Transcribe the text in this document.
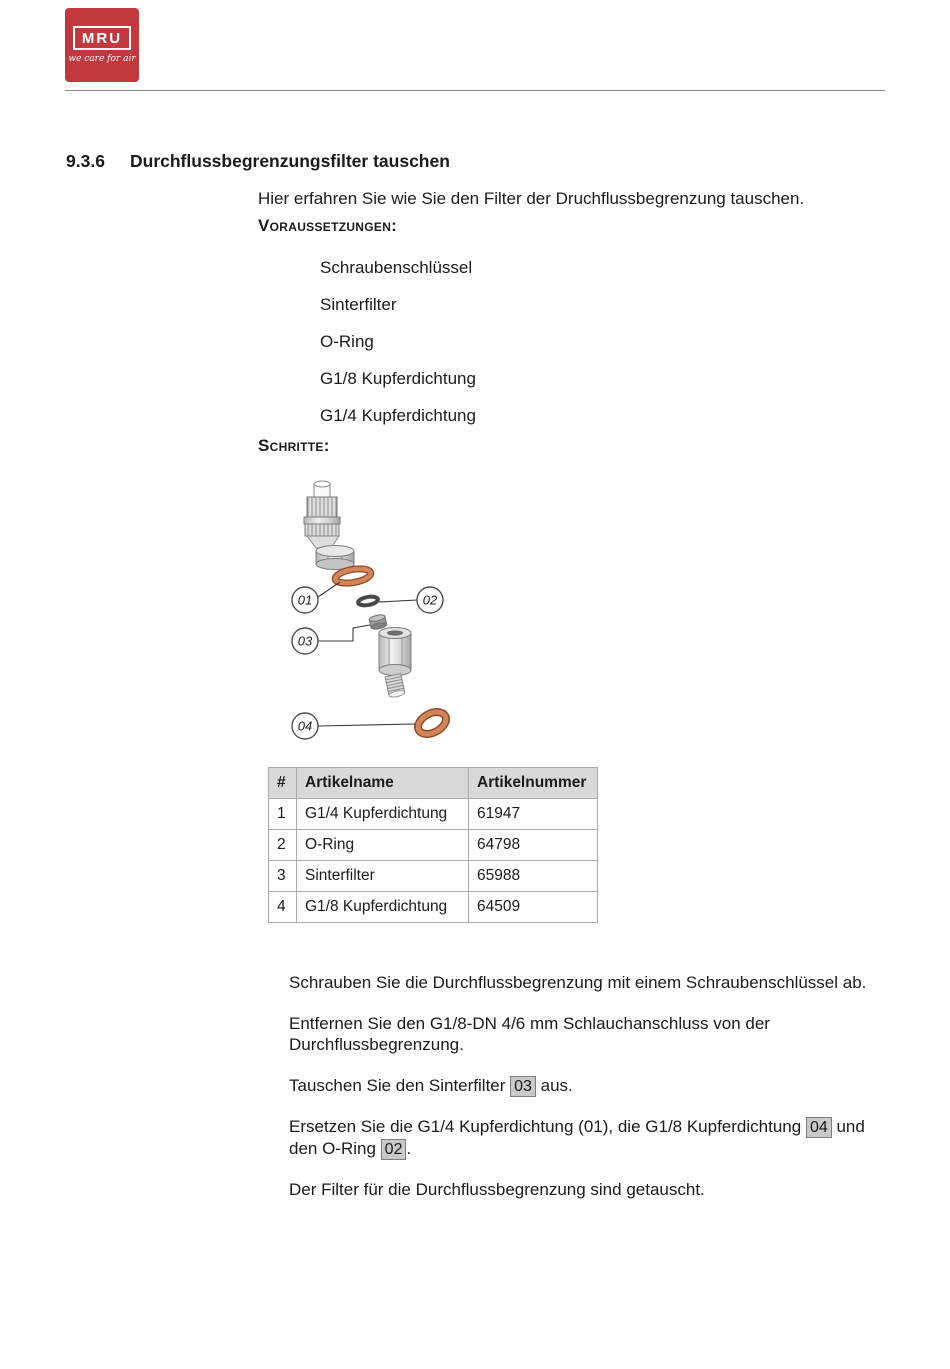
MRU
we care for air
9.3.6 Durchflussbegrenzungsfilter tauschen
Hier erfahren Sie wie Sie den Filter der Druchflussbegrenzung tauschen.
Voraussetzungen:
Schraubenschlüssel
Sinterfilter
O-Ring
G1/8 Kupferdichtung
G1/4 Kupferdichtung
Schritte:
01	02
03
04
#	Artikelname	Artikelnummer
1	G1/4 Kupferdichtung	61947
2	O-Ring	64798
3	Sinterfilter	65988
4	G1/8 Kupferdichtung	64509

Schrauben Sie die Durchflussbegrenzung mit einem Schraubenschlüssel ab.

Entfernen Sie den G1/8-DN 4/6 mm Schlauchanschluss von der Durchflussbegrenzung.

Tauschen Sie den Sinterfilter 03 aus.

Ersetzen Sie die G1/4 Kupferdichtung (01), die G1/8 Kupferdichtung 04 und den O-Ring 02 .

Der Filter für die Durchflussbegrenzung sind getauscht.
